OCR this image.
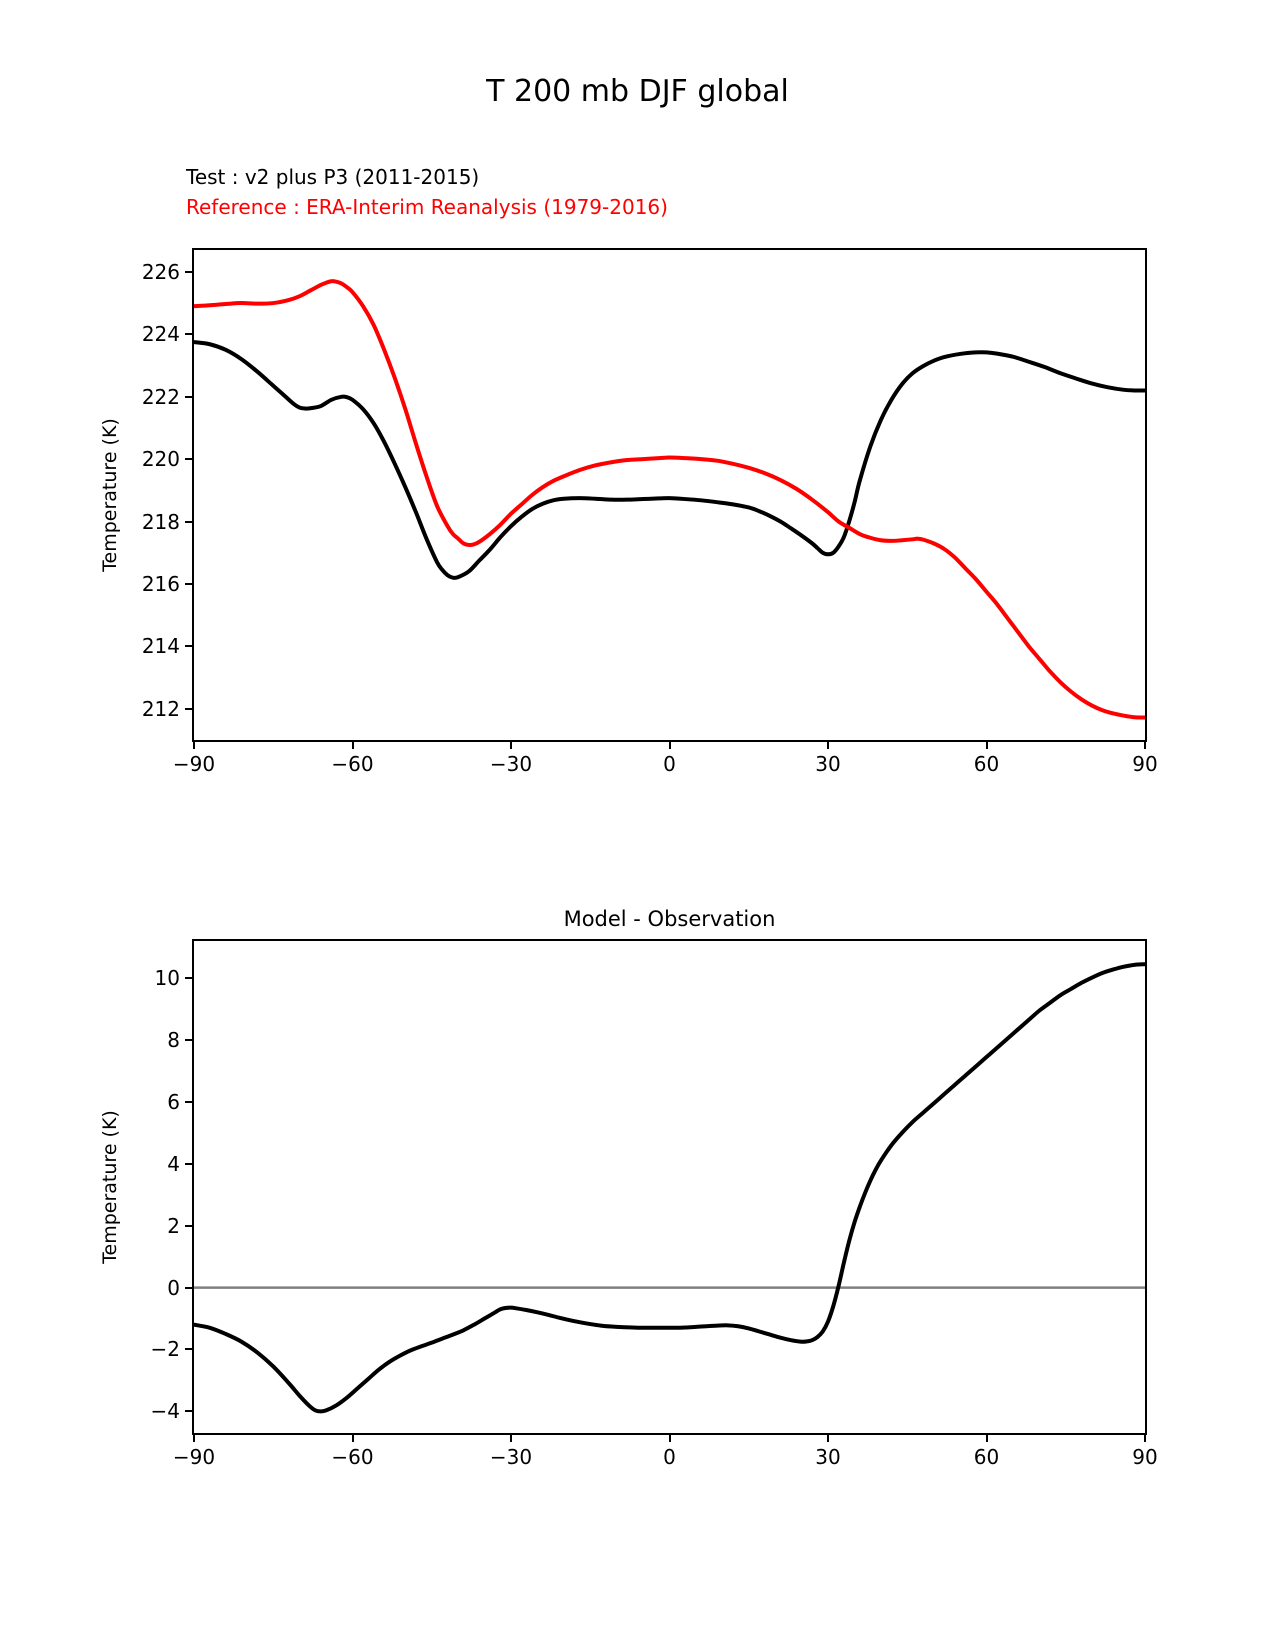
T 200 mb DJF global
Test : v2 plus P3 (2011-2015)
Reference : ERA-Interim Reanalysis (1979-2016)
Temperature (K)
−90	−60	−30	0	30	60	90
226
224
222
220
218
216
214
212
Model - Observation
Temperature (K)
−90	−60	−30	0	30	60	90
10
8
6
4
2
0
−2
−4
